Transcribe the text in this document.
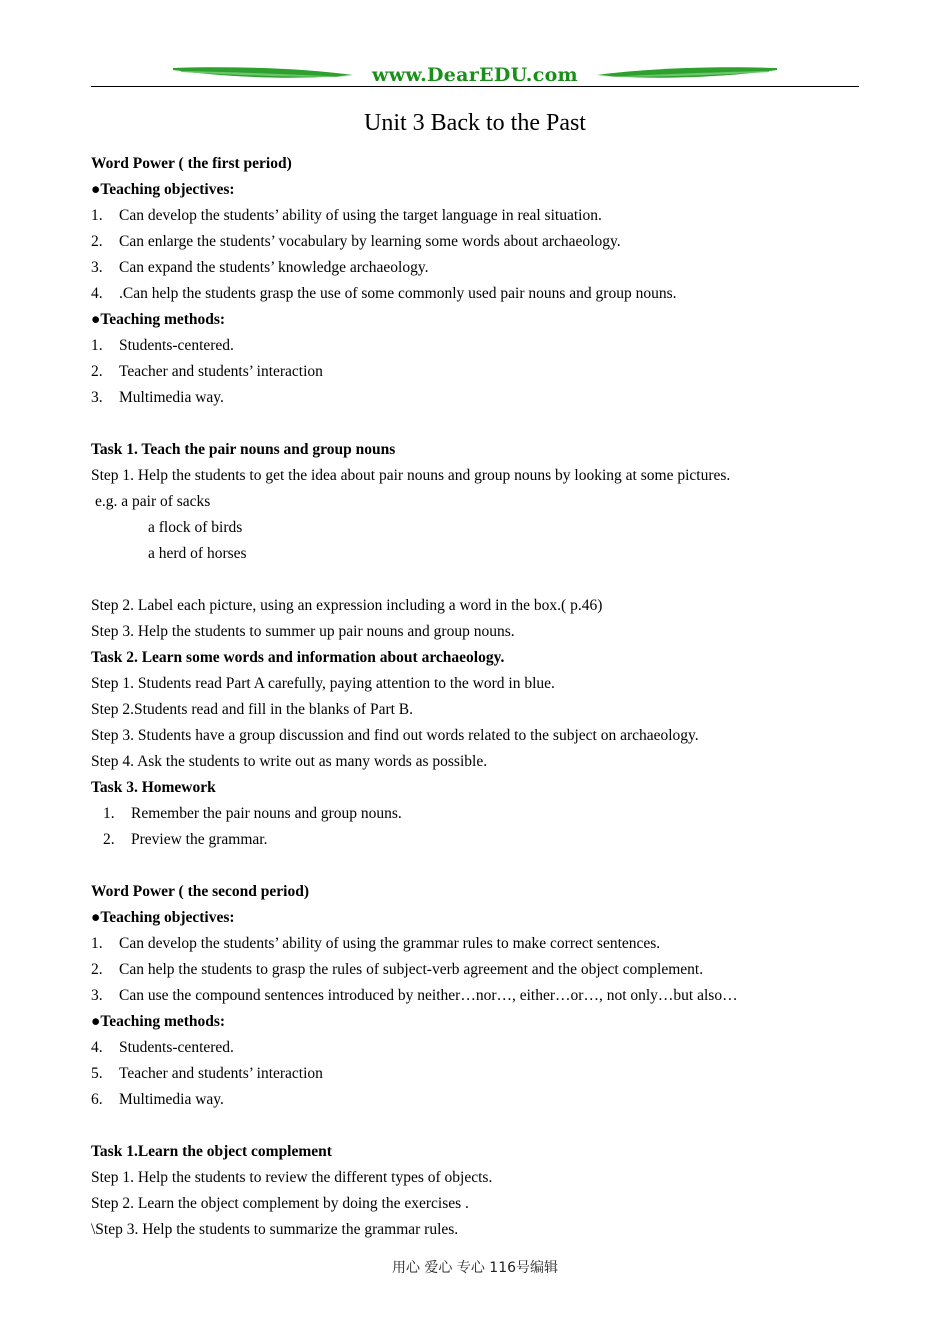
www.DearEDU.com
Unit 3 Back to the Past
Word Power ( the first period)
●Teaching objectives:
1. Can develop the students’ ability of using the target language in real situation.
2. Can enlarge the students’ vocabulary by learning some words about archaeology.
3. Can expand the students’ knowledge archaeology.
4. .Can help the students grasp the use of some commonly used pair nouns and group nouns.
●Teaching methods:
1. Students-centered.
2. Teacher and students’ interaction
3. Multimedia way.
Task 1. Teach the pair nouns and group nouns
Step 1. Help the students to get the idea about pair nouns and group nouns by looking at some pictures.
e.g. a pair of sacks
a flock of birds
a herd of horses
Step 2. Label each picture, using an expression including a word in the box.( p.46)
Step 3. Help the students to summer up pair nouns and group nouns.
Task 2. Learn some words and information about archaeology.
Step 1. Students read Part A carefully, paying attention to the word in blue.
Step 2.Students read and fill in the blanks of Part B.
Step 3. Students have a group discussion and find out words related to the subject on archaeology.
Step 4. Ask the students to write out as many words as possible.
Task 3. Homework
1. Remember the pair nouns and group nouns.
2. Preview the grammar.
Word Power ( the second period)
●Teaching objectives:
1. Can develop the students’ ability of using the grammar rules to make correct sentences.
2. Can help the students to grasp the rules of subject-verb agreement and the object complement.
3. Can use the compound sentences introduced by neither…nor…, either…or…, not only…but also…
●Teaching methods:
4. Students-centered.
5. Teacher and students’ interaction
6. Multimedia way.
Task 1.Learn the object complement
Step 1. Help the students to review the different types of objects.
Step 2. Learn the object complement by doing the exercises .
\Step 3. Help the students to summarize the grammar rules.
用心 爱心 专心 116号编辑
